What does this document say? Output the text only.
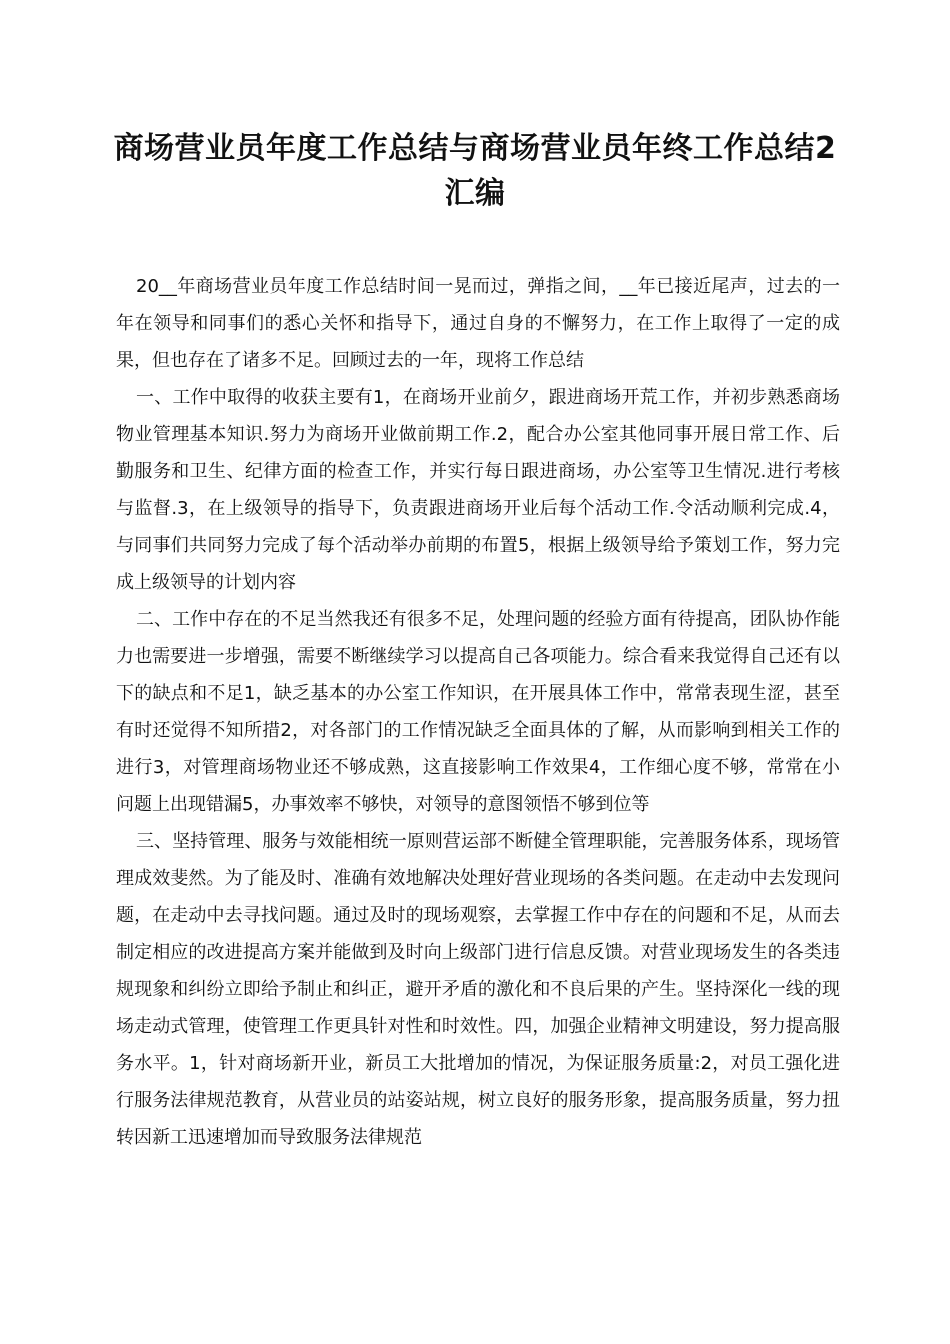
商场营业员年度工作总结与商场营业员年终工作总结2汇编

20__年商场营业员年度工作总结时间一晃而过，弹指之间，__年已接近尾声，过去的一年在领导和同事们的悉心关怀和指导下，通过自身的不懈努力，在工作上取得了一定的成果，但也存在了诸多不足。回顾过去的一年，现将工作总结

一、工作中取得的收获主要有1，在商场开业前夕，跟进商场开荒工作，并初步熟悉商场物业管理基本知识.努力为商场开业做前期工作.2，配合办公室其他同事开展日常工作、后勤服务和卫生、纪律方面的检查工作，并实行每日跟进商场，办公室等卫生情况.进行考核与监督.3，在上级领导的指导下，负责跟进商场开业后每个活动工作.令活动顺利完成.4，与同事们共同努力完成了每个活动举办前期的布置5，根据上级领导给予策划工作，努力完成上级领导的计划内容

二、工作中存在的不足当然我还有很多不足，处理问题的经验方面有待提高，团队协作能力也需要进一步增强，需要不断继续学习以提高自己各项能力。综合看来我觉得自己还有以下的缺点和不足1，缺乏基本的办公室工作知识，在开展具体工作中，常常表现生涩，甚至有时还觉得不知所措2，对各部门的工作情况缺乏全面具体的了解，从而影响到相关工作的进行3，对管理商场物业还不够成熟，这直接影响工作效果4，工作细心度不够，常常在小问题上出现错漏5，办事效率不够快，对领导的意图领悟不够到位等

三、坚持管理、服务与效能相统一原则营运部不断健全管理职能，完善服务体系，现场管理成效斐然。为了能及时、准确有效地解决处理好营业现场的各类问题。在走动中去发现问题，在走动中去寻找问题。通过及时的现场观察，去掌握工作中存在的问题和不足，从而去制定相应的改进提高方案并能做到及时向上级部门进行信息反馈。对营业现场发生的各类违规现象和纠纷立即给予制止和纠正，避开矛盾的激化和不良后果的产生。坚持深化一线的现场走动式管理，使管理工作更具针对性和时效性。四，加强企业精神文明建设，努力提高服务水平。1，针对商场新开业，新员工大批增加的情况，为保证服务质量:2，对员工强化进行服务法律规范教育，从营业员的站姿站规，树立良好的服务形象，提高服务质量，努力扭转因新工迅速增加而导致服务法律规范
